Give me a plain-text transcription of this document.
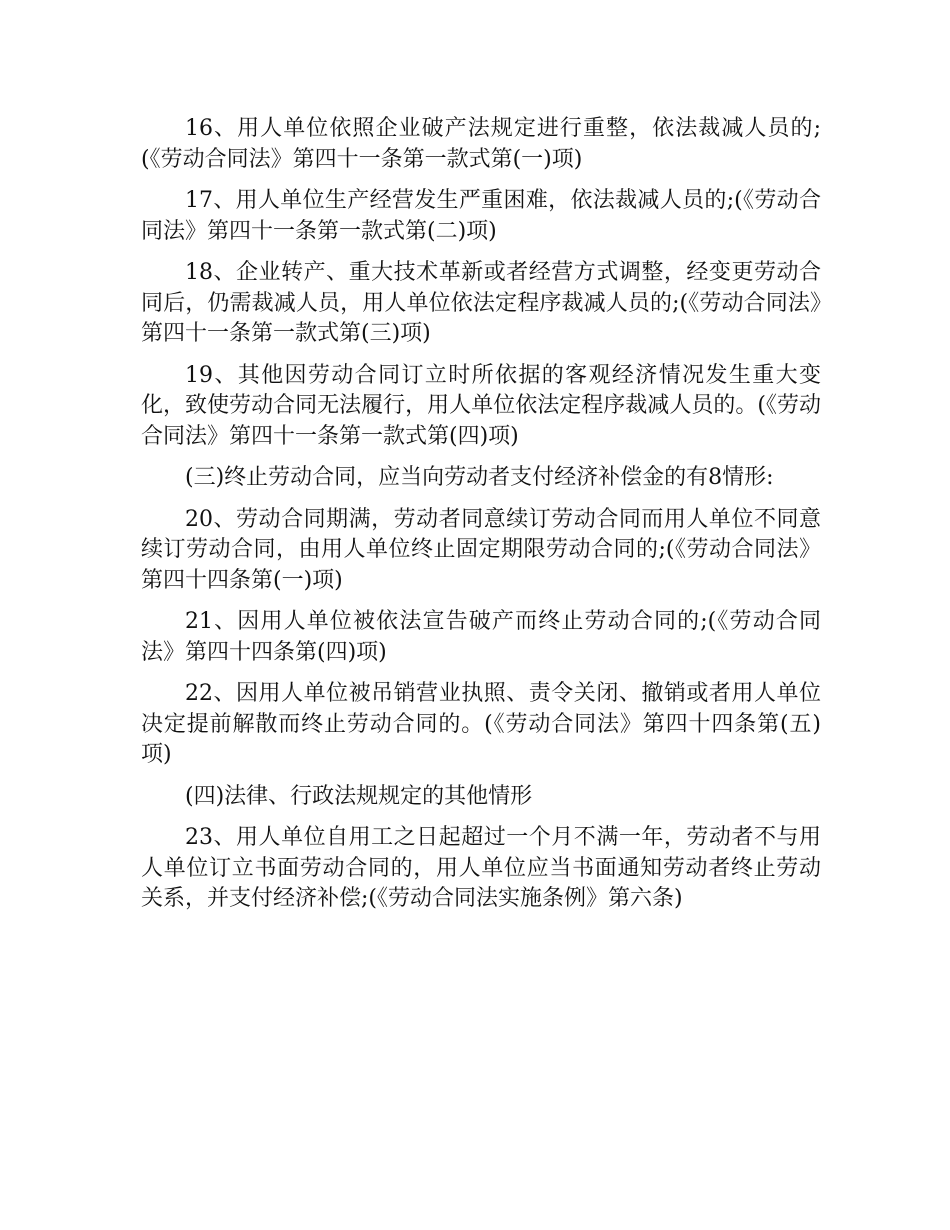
16、用人单位依照企业破产法规定进行重整，依法裁减人员的;(《劳动合同法》第四十一条第一款式第(一)项)

17、用人单位生产经营发生严重困难，依法裁减人员的;(《劳动合同法》第四十一条第一款式第(二)项)

18、企业转产、重大技术革新或者经营方式调整，经变更劳动合同后，仍需裁减人员，用人单位依法定程序裁减人员的;(《劳动合同法》第四十一条第一款式第(三)项)

19、其他因劳动合同订立时所依据的客观经济情况发生重大变化，致使劳动合同无法履行，用人单位依法定程序裁减人员的。(《劳动合同法》第四十一条第一款式第(四)项)

(三)终止劳动合同，应当向劳动者支付经济补偿金的有8情形:

20、劳动合同期满，劳动者同意续订劳动合同而用人单位不同意续订劳动合同，由用人单位终止固定期限劳动合同的;(《劳动合同法》第四十四条第(一)项)

21、因用人单位被依法宣告破产而终止劳动合同的;(《劳动合同法》第四十四条第(四)项)

22、因用人单位被吊销营业执照、责令关闭、撤销或者用人单位决定提前解散而终止劳动合同的。(《劳动合同法》第四十四条第(五)项)

(四)法律、行政法规规定的其他情形

23、用人单位自用工之日起超过一个月不满一年，劳动者不与用人单位订立书面劳动合同的，用人单位应当书面通知劳动者终止劳动关系，并支付经济补偿;(《劳动合同法实施条例》第六条)
